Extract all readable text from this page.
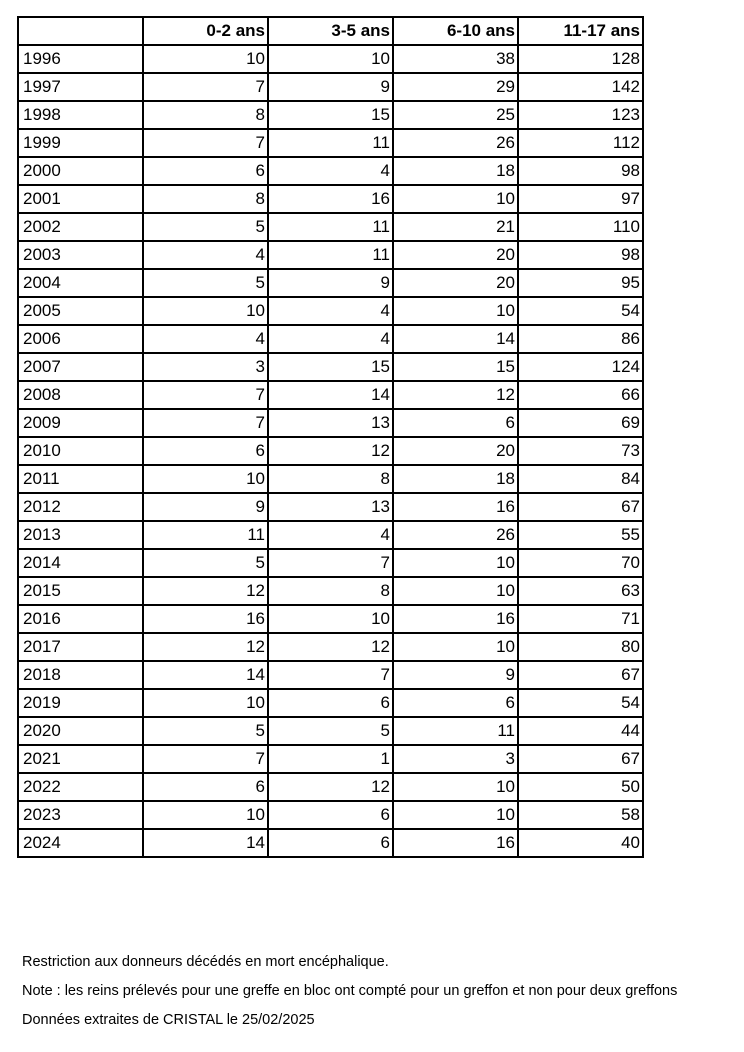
	0-2 ans	3-5 ans	6-10 ans	11-17 ans
1996	10	10	38	128
1997	7	9	29	142
1998	8	15	25	123
1999	7	11	26	112
2000	6	4	18	98
2001	8	16	10	97
2002	5	11	21	110
2003	4	11	20	98
2004	5	9	20	95
2005	10	4	10	54
2006	4	4	14	86
2007	3	15	15	124
2008	7	14	12	66
2009	7	13	6	69
2010	6	12	20	73
2011	10	8	18	84
2012	9	13	16	67
2013	11	4	26	55
2014	5	7	10	70
2015	12	8	10	63
2016	16	10	16	71
2017	12	12	10	80
2018	14	7	9	67
2019	10	6	6	54
2020	5	5	11	44
2021	7	1	3	67
2022	6	12	10	50
2023	10	6	10	58
2024	14	6	16	40

Restriction aux donneurs décédés en mort encéphalique.

Note : les reins prélevés pour une greffe en bloc ont compté pour un greffon et non pour deux greffons

Données extraites de CRISTAL le 25/02/2025
